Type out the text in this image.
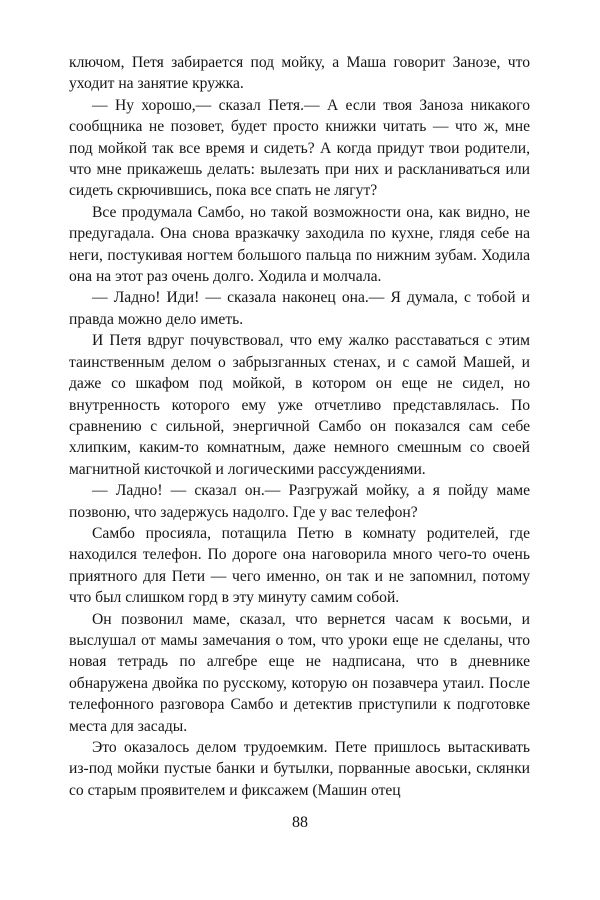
ключом, Петя забирается под мойку, а Маша говорит Занозе, что уходит на занятие кружка.

— Ну хорошо,— сказал Петя.— А если твоя Заноза никакого сообщника не позовет, будет просто книжки читать — что ж, мне под мойкой так все время и сидеть? А когда придут твои родители, что мне прикажешь делать: вылезать при них и раскланиваться или сидеть скрючившись, пока все спать не лягут?

Все продумала Самбо, но такой возможности она, как видно, не предугадала. Она снова вразкачку заходила по кухне, глядя себе на неги, постукивая ногтем большого пальца по нижним зубам. Ходила она на этот раз очень долго. Ходила и молчала.

— Ладно! Иди! — сказала наконец она.— Я думала, с тобой и правда можно дело иметь.

И Петя вдруг почувствовал, что ему жалко расставаться с этим таинственным делом о забрызганных стенах, и с самой Машей, и даже со шкафом под мойкой, в котором он еще не сидел, но внутренность которого ему уже отчетливо представлялась. По сравнению с сильной, энергичной Самбо он показался сам себе хлипким, каким-то комнатным, даже немного смешным со своей магнитной кисточкой и логическими рассуждениями.

— Ладно! — сказал он.— Разгружай мойку, а я пойду маме позвоню, что задержусь надолго. Где у вас телефон?

Самбо просияла, потащила Петю в комнату родителей, где находился телефон. По дороге она наговорила много чего-то очень приятного для Пети — чего именно, он так и не запомнил, потому что был слишком горд в эту минуту самим собой.

Он позвонил маме, сказал, что вернется часам к восьми, и выслушал от мамы замечания о том, что уроки еще не сделаны, что новая тетрадь по алгебре еще не надписана, что в дневнике обнаружена двойка по русскому, которую он позавчера утаил. После телефонного разговора Самбо и детектив приступили к подготовке места для засады.

Это оказалось делом трудоемким. Пете пришлось вытаскивать из-под мойки пустые банки и бутылки, порванные авоськи, склянки со старым проявителем и фиксажем (Машин отец

88
